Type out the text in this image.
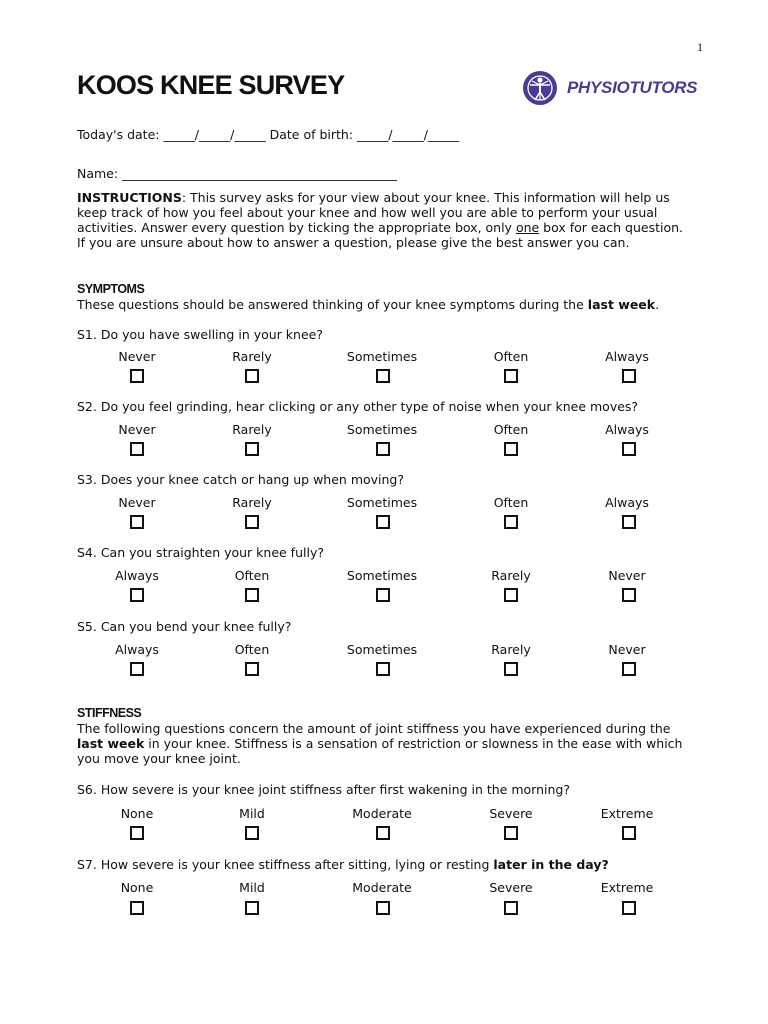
1
KOOS KNEE SURVEY	PHYSIOTUTORS
Today's date: _____/_____/_____ Date of birth: _____/_____/_____
Name: ____________________________________________
INSTRUCTIONS: This survey asks for your view about your knee. This information will help us keep track of how you feel about your knee and how well you are able to perform your usual activities. Answer every question by ticking the appropriate box, only one box for each question. If you are unsure about how to answer a question, please give the best answer you can.
SYMPTOMS
These questions should be answered thinking of your knee symptoms during the last week.
STIFFNESS
The following questions concern the amount of joint stiffness you have experienced during the last week in your knee. Stiffness is a sensation of restriction or slowness in the ease with which you move your knee joint.
S1. Do you have swelling in your knee?
Never	Rarely	Sometimes	Often	Always
S2. Do you feel grinding, hear clicking or any other type of noise when your knee moves?
Never	Rarely	Sometimes	Often	Always
S3. Does your knee catch or hang up when moving?
Never	Rarely	Sometimes	Often	Always
S4. Can you straighten your knee fully?
Always	Often	Sometimes	Rarely	Never
S5. Can you bend your knee fully?
Always	Often	Sometimes	Rarely	Never
S6. How severe is your knee joint stiffness after first wakening in the morning?
None	Mild	Moderate	Severe	Extreme
S7. How severe is your knee stiffness after sitting, lying or resting later in the day?
None	Mild	Moderate	Severe	Extreme
